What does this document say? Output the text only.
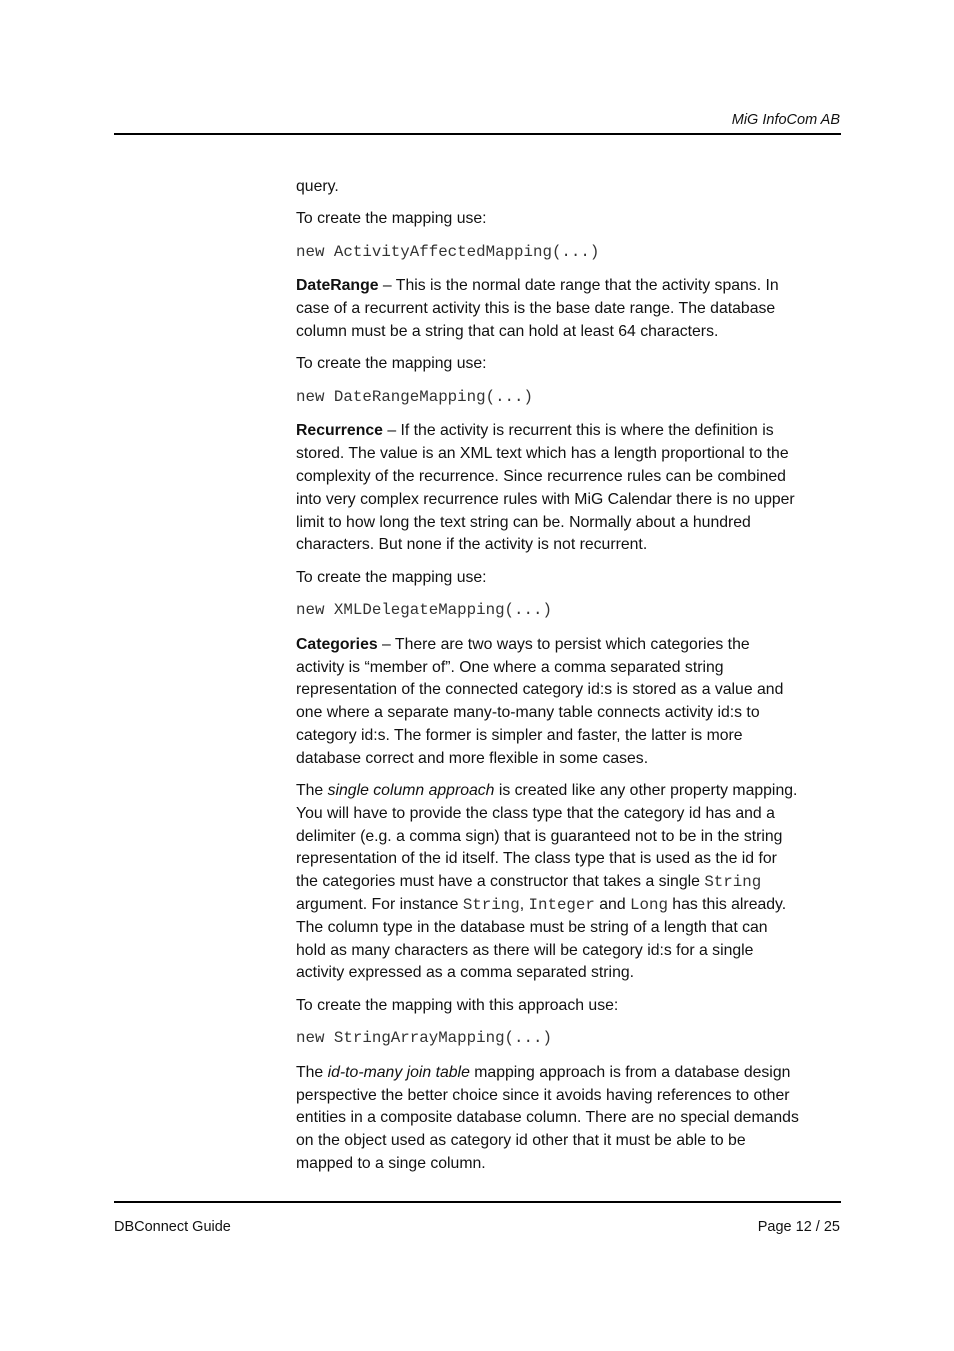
MiG InfoCom AB

query.

To create the mapping use:

new ActivityAffectedMapping(...)

DateRange – This is the normal date range that the activity spans. In case of a recurrent activity this is the base date range. The database column must be a string that can hold at least 64 characters.

To create the mapping use:

new DateRangeMapping(...)

Recurrence – If the activity is recurrent this is where the definition is stored. The value is an XML text which has a length proportional to the complexity of the recurrence. Since recurrence rules can be combined into very complex recurrence rules with MiG Calendar there is no upper limit to how long the text string can be. Normally about a hundred characters. But none if the activity is not recurrent.

To create the mapping use:

new XMLDelegateMapping(...)

Categories – There are two ways to persist which categories the activity is “member of”. One where a comma separated string representation of the connected category id:s is stored as a value and one where a separate many-to-many table connects activity id:s to category id:s. The former is simpler and faster, the latter is more database correct and more flexible in some cases.

The single column approach is created like any other property mapping. You will have to provide the class type that the category id has and a delimiter (e.g. a comma sign) that is guaranteed not to be in the string representation of the id itself. The class type that is used as the id for the categories must have a constructor that takes a single String argument. For instance String, Integer and Long has this already. The column type in the database must be string of a length that can hold as many characters as there will be category id:s for a single activity expressed as a comma separated string.

To create the mapping with this approach use:

new StringArrayMapping(...)

The id-to-many join table mapping approach is from a database design perspective the better choice since it avoids having references to other entities in a composite database column. There are no special demands on the object used as category id other that it must be able to be mapped to a singe column.

DBConnect Guide	Page 12 / 25
